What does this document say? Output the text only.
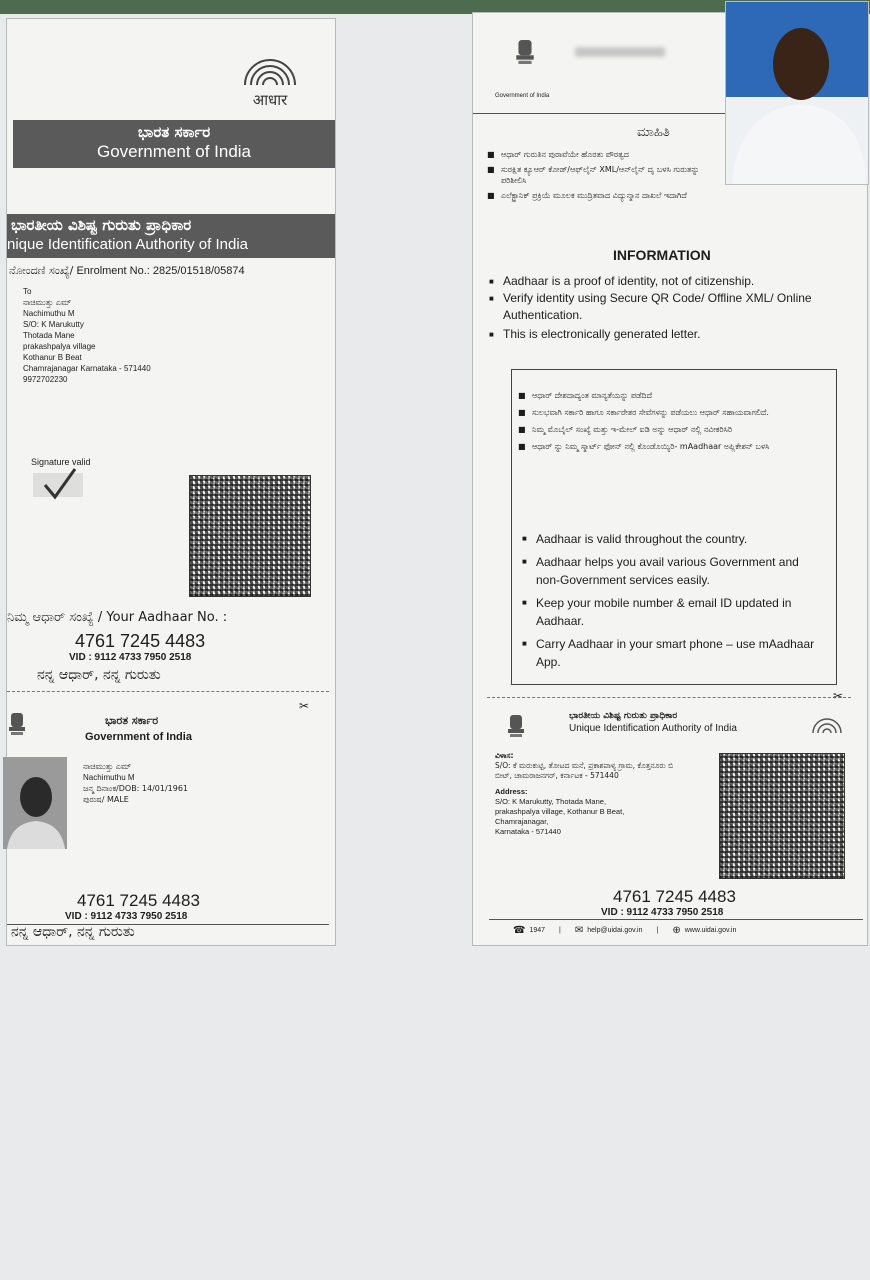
आधार
ಭಾರತ ಸರ್ಕಾರ
Government of India
ಭಾರತೀಯ ವಿಶಿಷ್ಟ ಗುರುತು ಪ್ರಾಧಿಕಾರ
nique Identification Authority of India
ನೋಂದಣಿ ಸಂಖ್ಯೆ/ Enrolment No.: 2825/01518/05874
To
ನಾಚಿಮುತ್ತು ಎಮ್
Nachimuthu M
S/O: K Marukutty
Thotada Mane
prakashpalya village
Kothanur B Beat
Chamrajanagar Karnataka - 571440
9972702230
Signature valid
ನಿಮ್ಮ ಆಧಾರ್ ಸಂಖ್ಯೆ / Your Aadhaar No. :
4761 7245 4483
VID : 9112 4733 7950 2518
ನನ್ನ ಆಧಾರ್, ನನ್ನ ಗುರುತು
✂
ಭಾರತ ಸರ್ಕಾರ
Government of India
ನಾಚಿಮುತ್ತು ಎಮ್
Nachimuthu M
ಜನ್ಮ ದಿನಾಂಕ/DOB: 14/01/1961
ಪುರುಷ/ MALE
4761 7245 4483
VID : 9112 4733 7950 2518
ನನ್ನ ಆಧಾರ್, ನನ್ನ ಗುರುತು
Government of India
ಮಾಹಿತಿ
■ ಆಧಾರ್ ಗುರುತಿನ ಪುರಾವೆಯೇ ಹೊರತು ಪೌರತ್ವದ
■ ಸುರಕ್ಷಿತ ಕ್ಯೂಆರ್ ಕೋಡ್/ಆಫ್‌ಲೈನ್ XML/ಆನ್‌ಲೈನ್ ದೃ ಬಳಸಿ ಗುರುತನ್ನು ಪರಿಶೀಲಿಸಿ
■ ಎಲೆಕ್ಟ್ರಾನಿಕ್ ಪ್ರಕ್ರಿಯೆ ಮೂಲಕ ಮುದ್ರಿತವಾದ ವಿದ್ಯುನ್ಮಾನ ದಾಖಲೆ ಇದಾಗಿದೆ
INFORMATION
■ Aadhaar is a proof of identity, not of citizenship.
■ Verify identity using Secure QR Code/ Offline XML/ Online Authentication.
■ This is electronically generated letter.
■ ಆಧಾರ್ ದೇಶದಾದ್ಯಂತ ಮಾನ್ಯತೆಯನ್ನು ಪಡೆದಿದೆ
■ ಸುಲಭವಾಗಿ ಸರ್ಕಾರಿ ಹಾಗೂ ಸರ್ಕಾರೇತರ ಸೇವೆಗಳನ್ನು ಪಡೆಯಲು ಆಧಾರ್ ಸಹಾಯವಾಗಲಿದೆ.
■ ನಿಮ್ಮ ಮೊಬೈಲ್ ಸಂಖ್ಯೆ ಮತ್ತು ಇ-ಮೇಲ್ ಐಡಿ ಅನ್ನು ಆಧಾರ್ ನಲ್ಲಿ ನವೀಕರಿಸಿರಿ
■ ಆಧಾರ್ ನ್ನು ನಿಮ್ಮ ಸ್ಮಾರ್ಟ್ ಫೋನ್ ನಲ್ಲಿ ಕೊಂಡೊಯ್ಯಿರಿ- mAadhaar ಅಪ್ಲಿಕೇಶನ್ ಬಳಸಿ
■ Aadhaar is valid throughout the country.
■ Aadhaar helps you avail various Government and non-Government services easily.
■ Keep your mobile number & email ID updated in Aadhaar.
■ Carry Aadhaar in your smart phone – use mAadhaar App.
✂
ಭಾರತೀಯ ವಿಶಿಷ್ಟ ಗುರುತು ಪ್ರಾಧಿಕಾರ
Unique Identification Authority of India
ವಿಳಾಸ:
S/O: ಕೆ ಮರುಕುಟ್ಟಿ, ತೋಟದ ಮನೆ, ಪ್ರಕಾಶಪಾಳ್ಯ ಗ್ರಾಮ, ಕೊತ್ತನೂರು ಬಿ ಬೀಟ್, ಚಾಮರಾಜನಗರ್, ಕರ್ನಾಟಕ - 571440
Address:
S/O: K Marukutty, Thotada Mane,
prakashpalya village, Kothanur B Beat,
Chamrajanagar,
Karnataka - 571440
4761 7245 4483
VID : 9112 4733 7950 2518
☎ 1947 | ✉ help@uidai.gov.in | ⊕ www.uidai.gov.in
